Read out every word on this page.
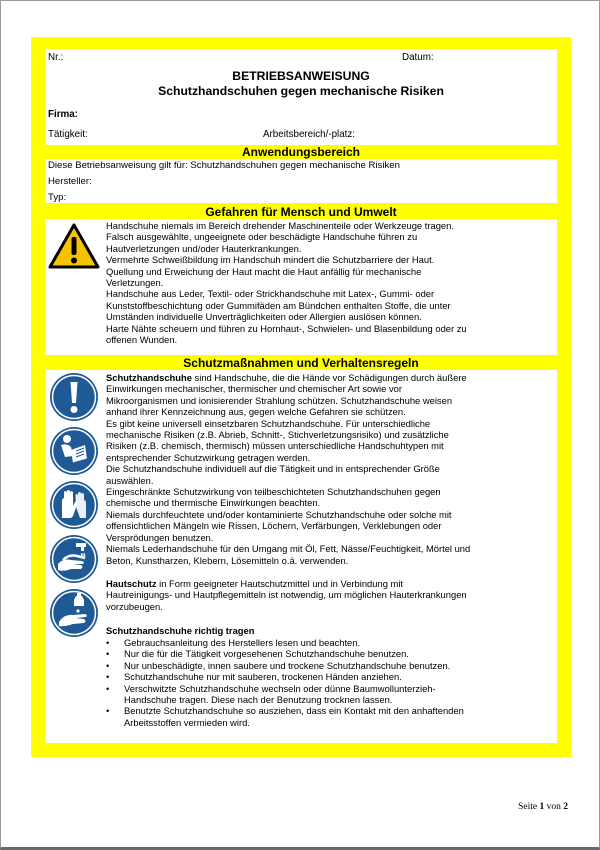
Nr.:	Datum:
BETRIEBSANWEISUNG
Schutzhandschuhen gegen mechanische Risiken
Firma:
Tätigkeit:	Arbeitsbereich/-platz:
Anwendungsbereich
Diese Betriebsanweisung gilt für: Schutzhandschuhen gegen mechanische Risiken
Hersteller:
Typ:
Gefahren für Mensch und Umwelt
Handschuhe niemals im Bereich drehender Maschinenteile oder Werkzeuge tragen.
Falsch ausgewählte, ungeeignete oder beschädigte Handschuhe führen zu
Hautverletzungen und/oder Hauterkrankungen.
Vermehrte Schweißbildung im Handschuh mindert die Schutzbarriere der Haut.
Quellung und Erweichung der Haut macht die Haut anfällig für mechanische
Verletzungen.
Handschuhe aus Leder, Textil- oder Strickhandschuhe mit Latex-, Gummi- oder
Kunststoffbeschichtung oder Gummifäden am Bündchen enthalten Stoffe, die unter
Umständen individuelle Unverträglichkeiten oder Allergien auslösen können.
Harte Nähte scheuern und führen zu Hornhaut-, Schwielen- und Blasenbildung oder zu
offenen Wunden.
Schutzmaßnahmen und Verhaltensregeln
Schutzhandschuhe sind Handschuhe, die die Hände vor Schädigungen durch äußere
Einwirkungen mechanischer, thermischer und chemischer Art sowie vor
Mikroorganismen und ionisierender Strahlung schützen. Schutzhandschuhe weisen
anhand ihrer Kennzeichnung aus, gegen welche Gefahren sie schützen.
Es gibt keine universell einsetzbaren Schutzhandschuhe. Für unterschiedliche
mechanische Risiken (z.B. Abrieb, Schnitt-, Stichverletzungsrisiko) und zusätzliche
Risiken (z.B. chemisch, thermisch) müssen unterschiedliche Handschuhtypen mit
entsprechender Schutzwirkung getragen werden.
Die Schutzhandschuhe individuell auf die Tätigkeit und in entsprechender Größe
auswählen.
Eingeschränkte Schutzwirkung von teilbeschichteten Schutzhandschuhen gegen
chemische und thermische Einwirkungen beachten.
Niemals durchfeuchtete und/oder kontaminierte Schutzhandschuhe oder solche mit
offensichtlichen Mängeln wie Rissen, Löchern, Verfärbungen, Verklebungen oder
Versprödungen benutzen.
Niemals Lederhandschuhe für den Umgang mit Öl, Fett, Nässe/Feuchtigkeit, Mörtel und
Beton, Kunstharzen, Klebern, Lösemitteln o.ä. verwenden.
Hautschutz in Form geeigneter Hautschutzmittel und in Verbindung mit
Hautreinigungs- und Hautpflegemitteln ist notwendig, um möglichen Hauterkrankungen
vorzubeugen.
Schutzhandschuhe richtig tragen
• Gebrauchsanleitung des Herstellers lesen und beachten.
• Nur die für die Tätigkeit vorgesehenen Schutzhandschuhe benutzen.
• Nur unbeschädigte, innen saubere und trockene Schutzhandschuhe benutzen.
• Schutzhandschuhe nur mit sauberen, trockenen Händen anziehen.
• Verschwitzte Schutzhandschuhe wechseln oder dünne Baumwollunterzieh-
Handschuhe tragen. Diese nach der Benutzung trocknen lassen.
• Benutzte Schutzhandschuhe so ausziehen, dass ein Kontakt mit den anhaftenden
Arbeitsstoffen vermieden wird.
Seite 1 von 2
